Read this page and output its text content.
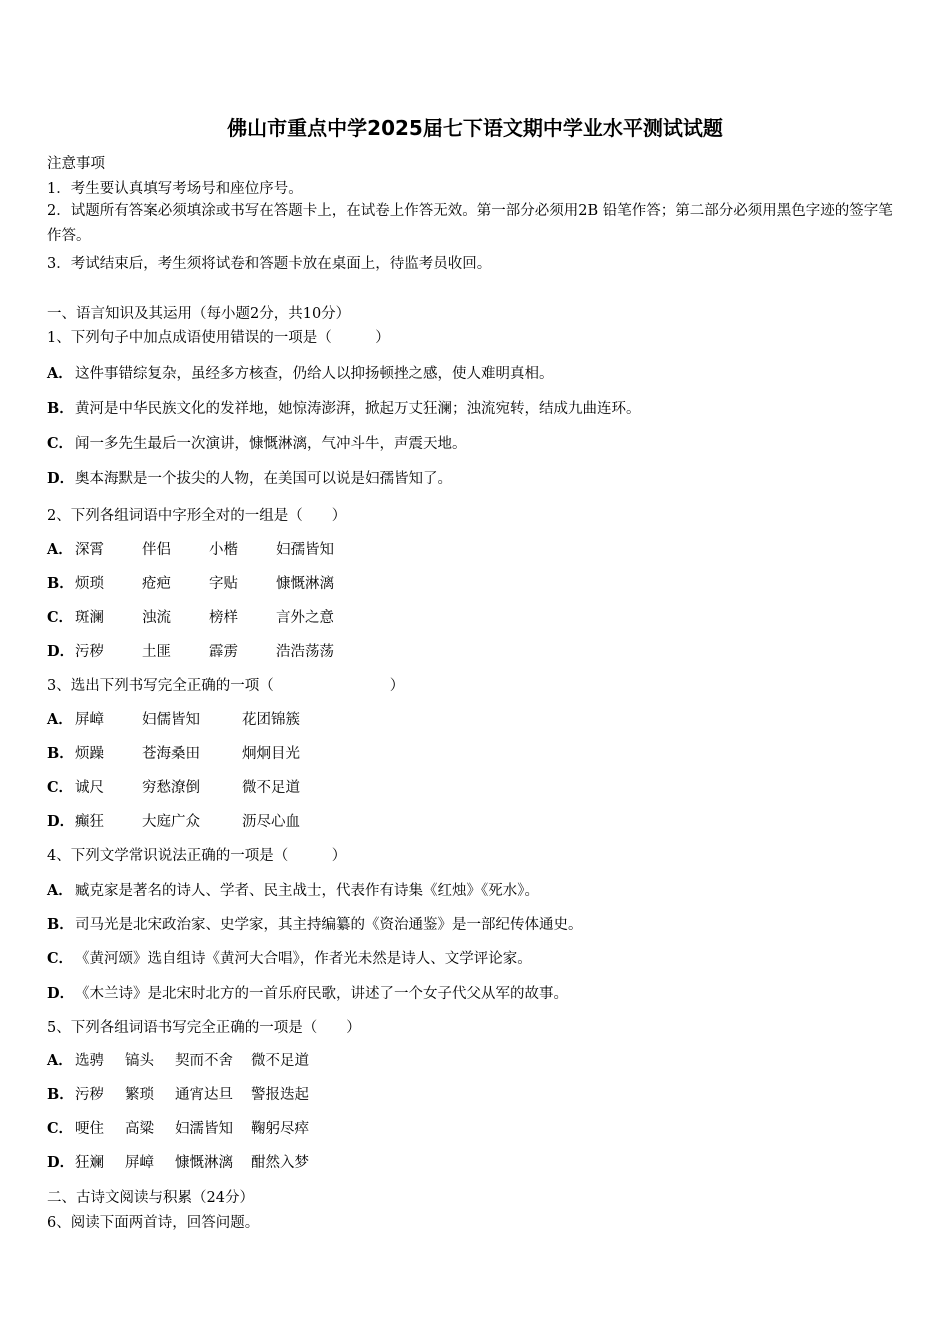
佛山市重点中学2025届七下语文期中学业水平测试试题
注意事项
1．考生要认真填写考场号和座位序号。
2．试题所有答案必须填涂或书写在答题卡上，在试卷上作答无效。第一部分必须用2B 铅笔作答；第二部分必须用黑色字迹的签字笔作答。
3．考试结束后，考生须将试卷和答题卡放在桌面上，待监考员收回。
一、语言知识及其运用（每小题2分，共10分）
1、下列句子中加点成语使用错误的一项是（　　　）
A． 这件事错综复杂，虽经多方核查，仍给人以抑扬顿挫之感，使人难明真相。
B．黄河是中华民族文化的发祥地，她惊涛澎湃，掀起万丈狂澜；浊流宛转，结成九曲连环。
C． 闻一多先生最后一次演讲，慷慨淋漓，气冲斗牛，声震天地。
D．奥本海默是一个拔尖的人物，在美国可以说是妇孺皆知了。
2、下列各组词语中字形全对的一组是（　　）
A． 深霄	伴侣	小楷	妇孺皆知
B．烦琐	疮疤	字贴	慷慨淋漓
C． 斑澜	浊流	榜样	言外之意
D．污秽	土匪	霹雳	浩浩荡荡
3、选出下列书写完全正确的一项（　　　　　　　　）
A． 屏嶂	妇儒皆知	花团锦簇
B．烦躁	苍海桑田	炯炯目光
C． 诚尺	穷愁潦倒	微不足道
D．癫狂	大庭广众	沥尽心血
4、下列文学常识说法正确的一项是（　　　）
A． 臧克家是著名的诗人、学者、民主战士，代表作有诗集《红烛》《死水》。
B．司马光是北宋政治家、史学家，其主持编纂的《资治通鉴》是一部纪传体通史。
C． 《黄河颂》选自组诗《黄河大合唱》，作者光未然是诗人、文学评论家。
D．《木兰诗》是北宋时北方的一首乐府民歌，讲述了一个女子代父从军的故事。
5、下列各组词语书写完全正确的一项是（　　）
A． 选骋 镐头 契而不舍 微不足道
B．污秽 繁琐 通宵达旦 警报迭起
C． 哽住 高粱 妇濡皆知 鞠躬尽瘁
D．狂斓 屏嶂 慷慨淋漓 酣然入梦
二、古诗文阅读与积累（24分）
6、阅读下面两首诗，回答问题。
